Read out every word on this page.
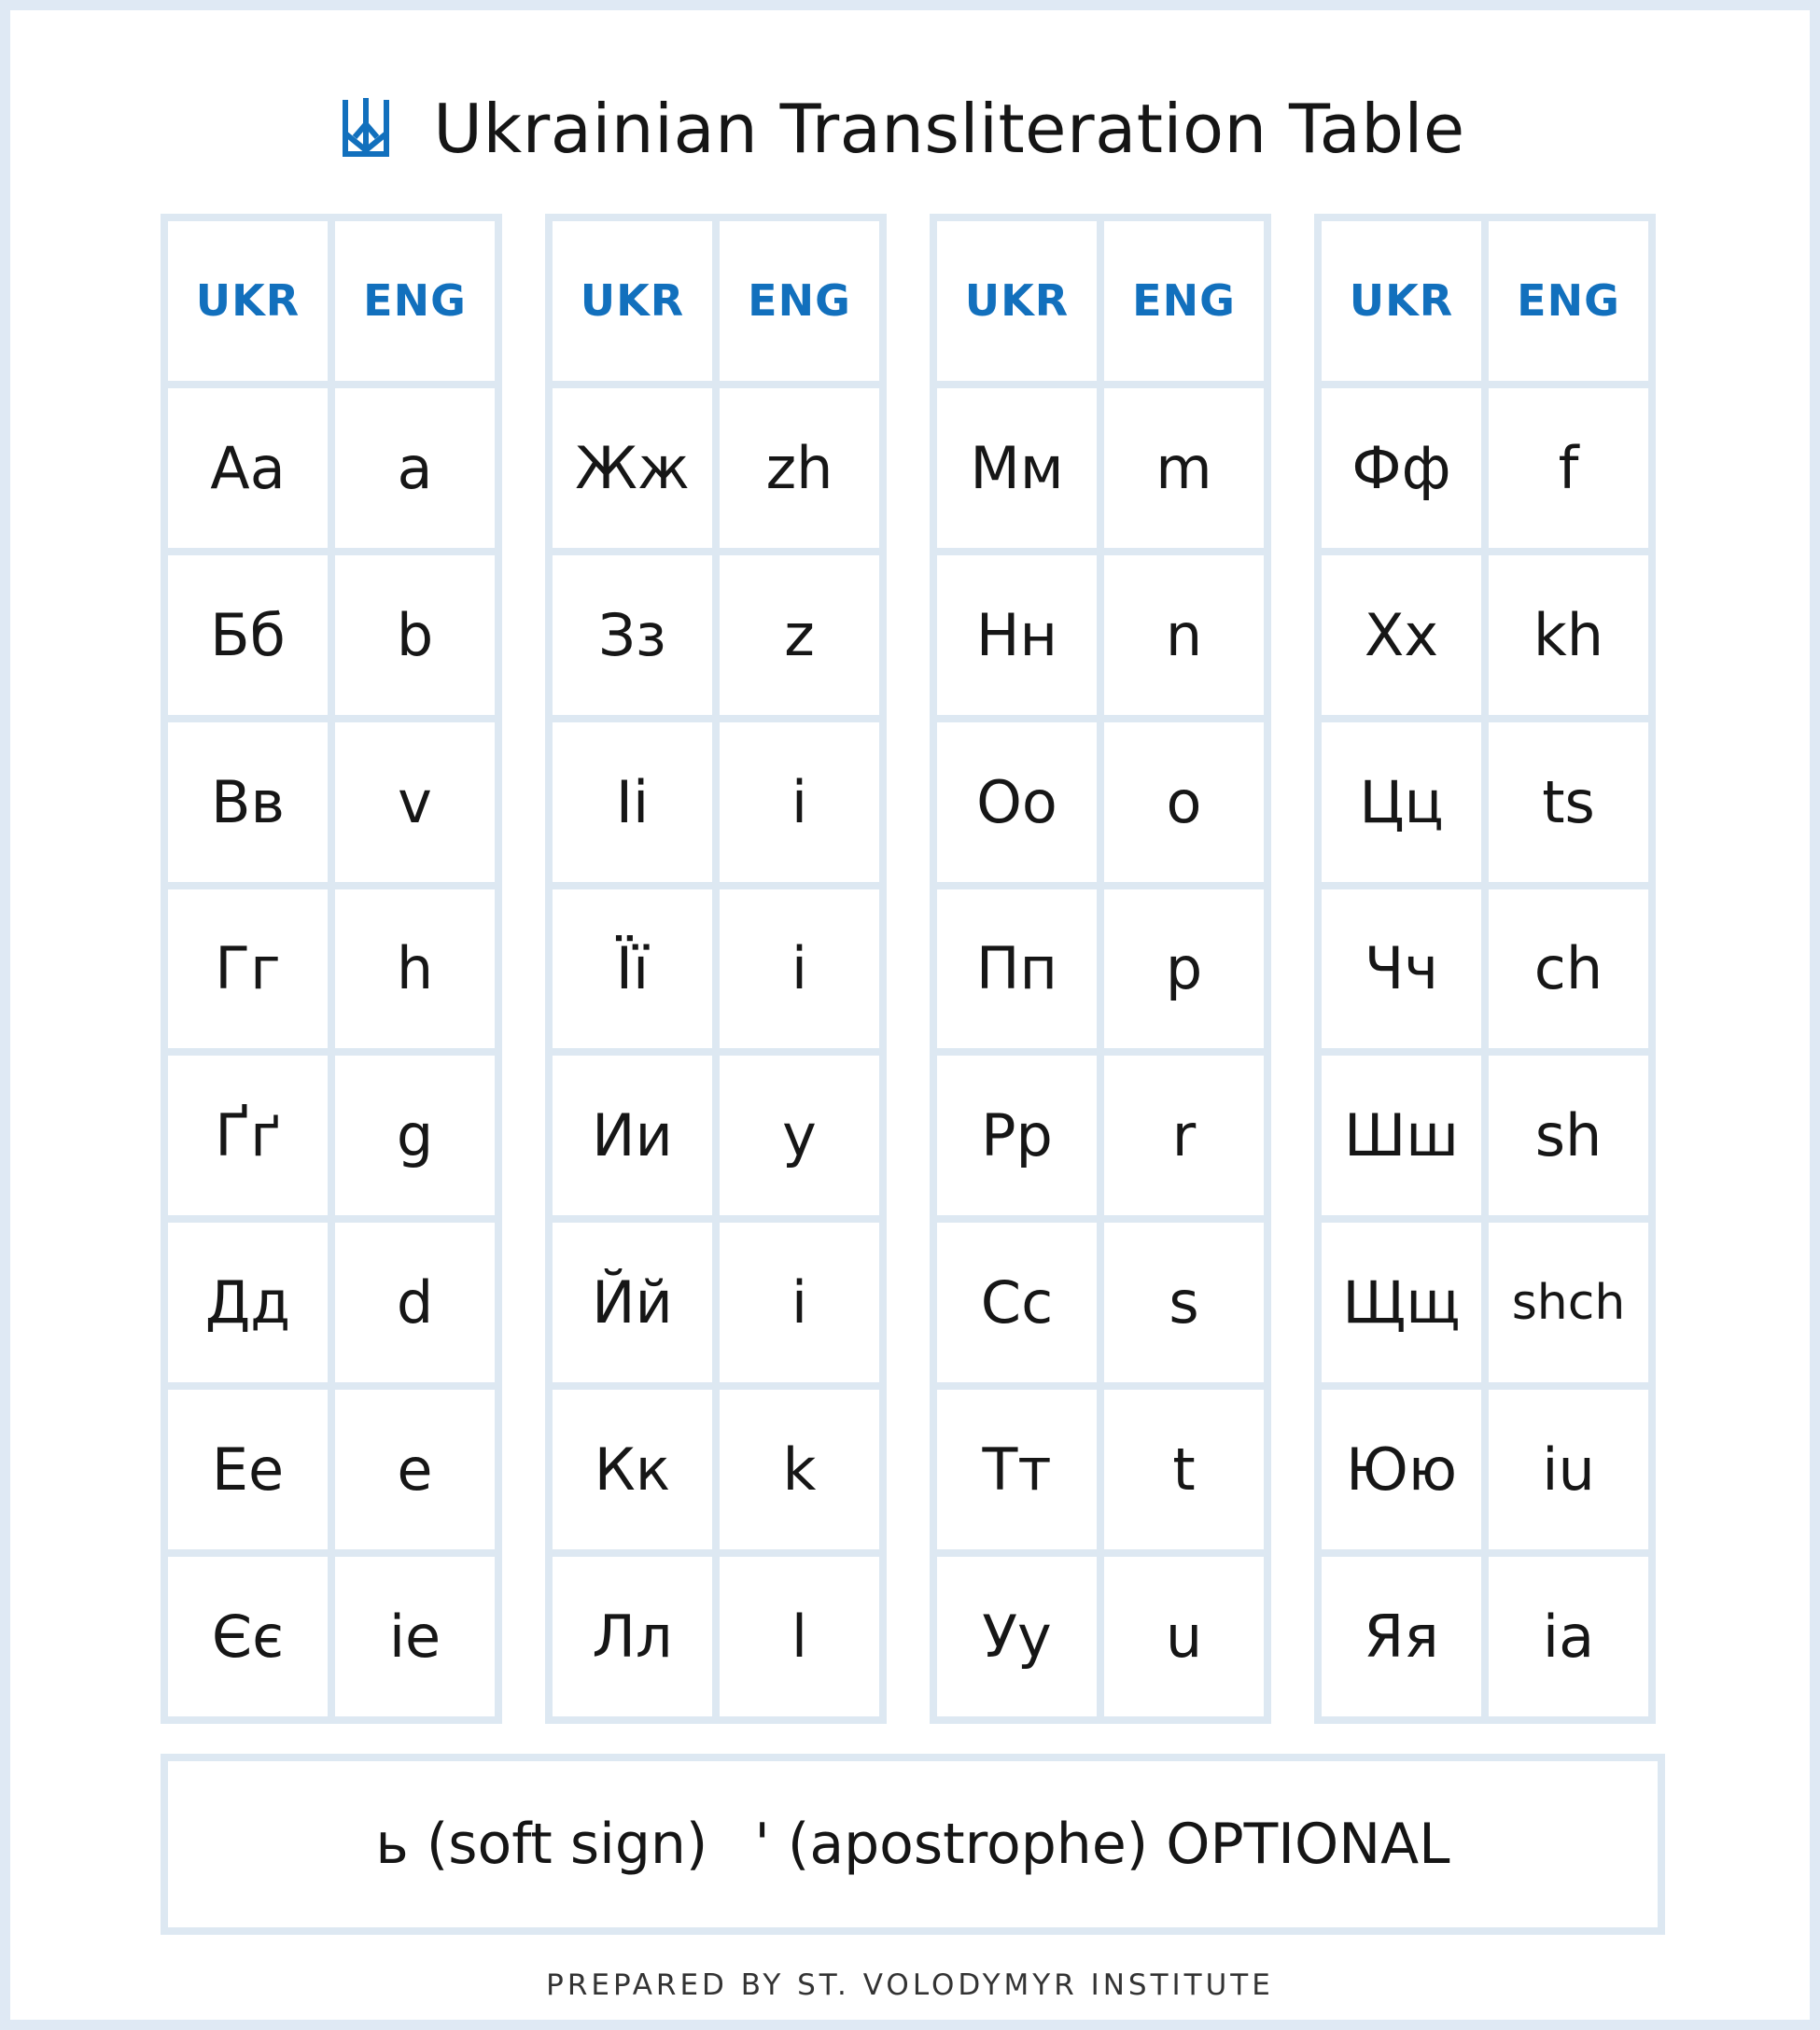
Ukrainian Transliteration Table
UKR	ENG
Аа	a
Бб	b
Вв	v
Гг	h
Ґґ	g
Дд	d
Ее	e
Єє	ie
UKR	ENG
Жж	zh
Зз	z
Іі	i
Її	i
Ии	y
Йй	i
Кк	k
Лл	l
UKR	ENG
Мм	m
Нн	n
Оо	o
Пп	p
Рр	r
Сс	s
Тт	t
Уу	u
UKR	ENG
Фф	f
Хх	kh
Цц	ts
Чч	ch
Шш	sh
Щщ	shch
Юю	iu
Яя	ia
ь (soft sign) ' (apostrophe) OPTIONAL
PREPARED BY ST. VOLODYMYR INSTITUTE
